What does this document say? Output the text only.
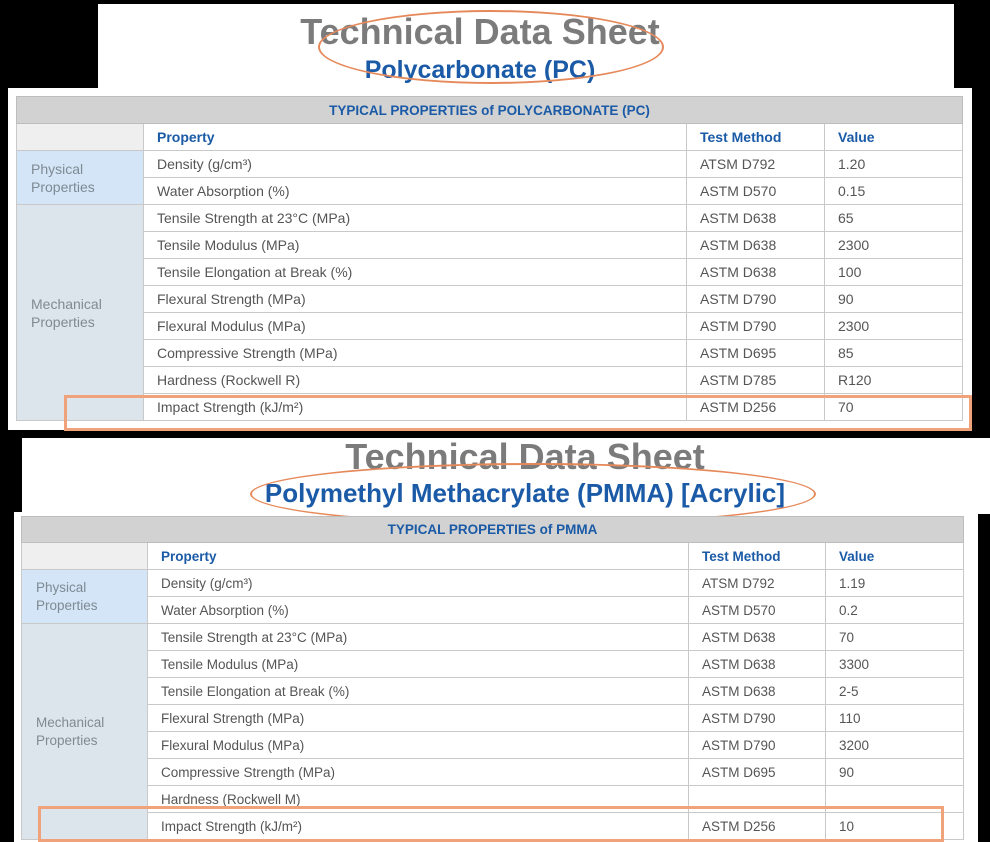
Technical Data Sheet
Polycarbonate (PC)
TYPICAL PROPERTIES of POLYCARBONATE (PC)			
	Property	Test Method	Value
Physical Properties	Density (g/cm³)	ATSM D792	1.20
	Water Absorption (%)	ASTM D570	0.15
Mechanical Properties	Tensile Strength at 23°C (MPa)	ASTM D638	65
	Tensile Modulus (MPa)	ASTM D638	2300
	Tensile Elongation at Break (%)	ASTM D638	100
	Flexural Strength (MPa)	ASTM D790	90
	Flexural Modulus (MPa)	ASTM D790	2300
	Compressive Strength (MPa)	ASTM D695	85
	Hardness (Rockwell R)	ASTM D785	R120
	Impact Strength (kJ/m²)	ASTM D256	70
Technical Data Sheet
Polymethyl Methacrylate (PMMA) [Acrylic]
TYPICAL PROPERTIES of PMMA			
	Property	Test Method	Value
Physical Properties	Density (g/cm³)	ATSM D792	1.19
	Water Absorption (%)	ASTM D570	0.2
Mechanical Properties	Tensile Strength at 23°C (MPa)	ASTM D638	70
	Tensile Modulus (MPa)	ASTM D638	3300
	Tensile Elongation at Break (%)	ASTM D638	2-5
	Flexural Strength (MPa)	ASTM D790	110
	Flexural Modulus (MPa)	ASTM D790	3200
	Compressive Strength (MPa)	ASTM D695	90
	Hardness (Rockwell M)		
	Impact Strength (kJ/m²)	ASTM D256	10
